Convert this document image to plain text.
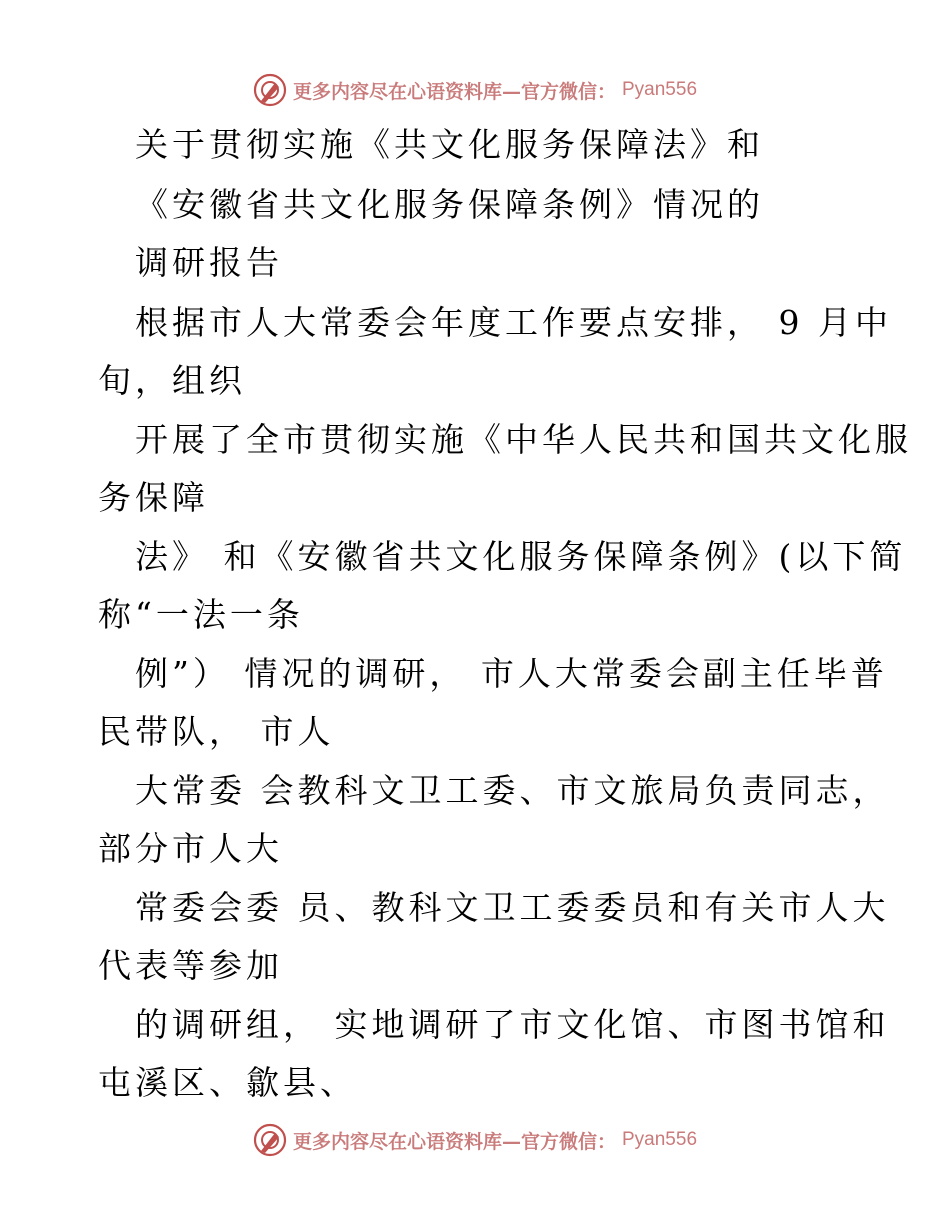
更多内容尽在心语资料库—官方微信： Pyan556
关于贯彻实施《共文化服务保障法》和
《安徽省共文化服务保障条例》情况的
调研报告
根据市人大常委会年度工作要点安排， 9 月中
旬，组织
开展了全市贯彻实施《中华人民共和国共文化服
务保障
法》 和《安徽省共文化服务保障条例》(以下简
称“一法一条
例”） 情况的调研， 市人大常委会副主任毕普
民带队， 市人
大常委 会教科文卫工委、市文旅局负责同志，
部分市人大
常委会委 员、教科文卫工委委员和有关市人大
代表等参加
的调研组， 实地调研了市文化馆、市图书馆和
屯溪区、歙县、
更多内容尽在心语资料库—官方微信： Pyan556
